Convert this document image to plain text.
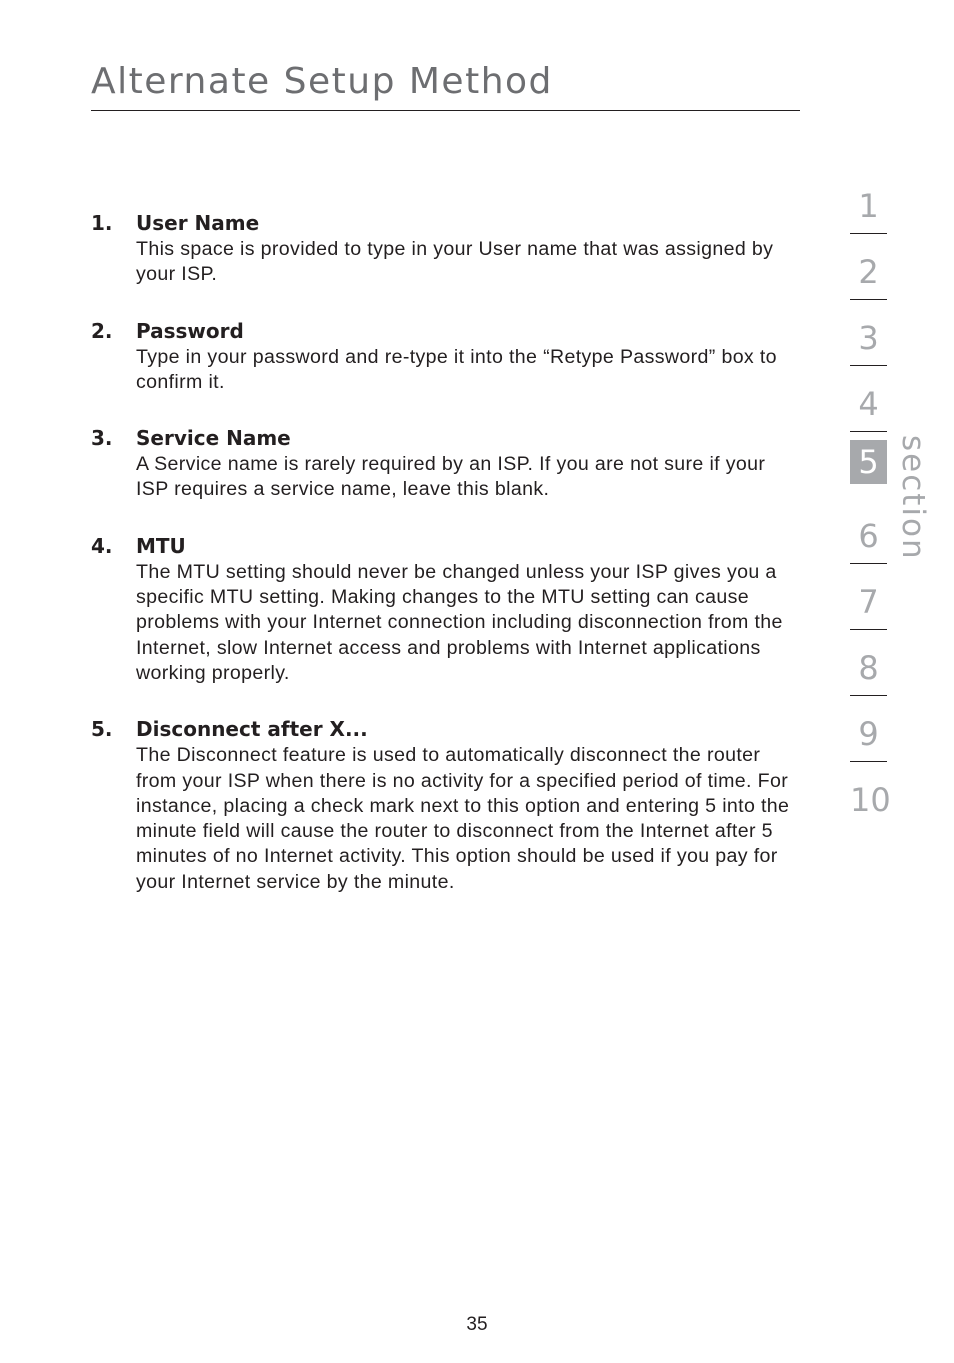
Alternate Setup Method
1. User Name
This space is provided to type in your User name that was assigned by your ISP.
2. Password
Type in your password and re-type it into the “Retype Password” box to confirm it.
3. Service Name
A Service name is rarely required by an ISP. If you are not sure if your ISP requires a service name, leave this blank.
4. MTU
The MTU setting should never be changed unless your ISP gives you a specific MTU setting. Making changes to the MTU setting can cause problems with your Internet connection including disconnection from the Internet, slow Internet access and problems with Internet applications working properly.
5. Disconnect after X...
The Disconnect feature is used to automatically disconnect the router from your ISP when there is no activity for a specified period of time. For instance, placing a check mark next to this option and entering 5 into the minute field will cause the router to disconnect from the Internet after 5 minutes of no Internet activity. This option should be used if you pay for your Internet service by the minute.
1
2
3
4
5
6
7
8
9
10
section
35
